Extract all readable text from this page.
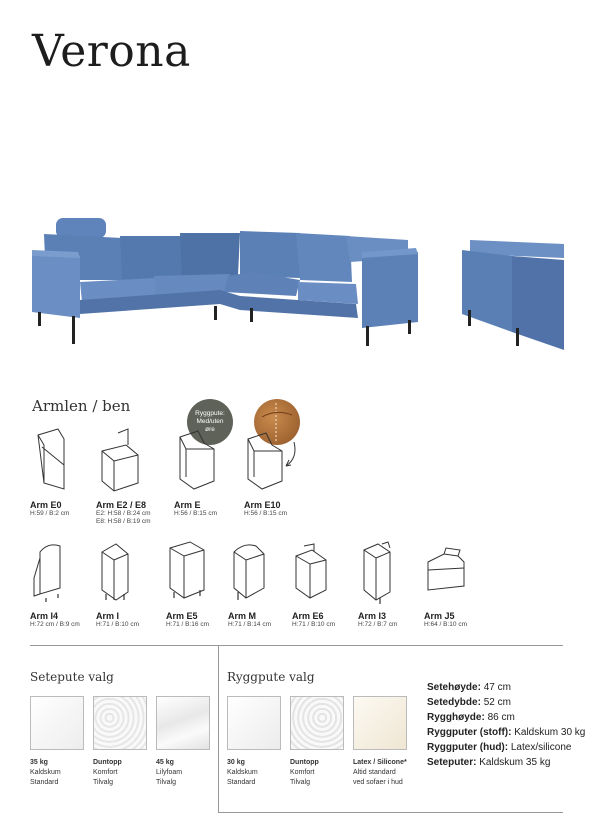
Verona
Armlen / ben	Ryggpute: Med/uten øre
Arm E0
H:59 / B:2 cm
Arm E2 / E8
E2: H:58 / B:24 cm
E8: H:58 / B:19 cm
Arm E
H:56 / B:15 cm
Arm E10
H:56 / B:15 cm
Arm I4
H:72 cm / B:9 cm
Arm I
H:71 / B:10 cm
Arm E5
H:71 / B:16 cm
Arm M
H:71 / B:14 cm
Arm E6
H:71 / B:10 cm
Arm I3
H:72 / B:7 cm
Arm J5
H:64 / B:10 cm
Setepute valg
35 kg
Kaldskum
Standard
Duntopp
Komfort
Tilvalg
45 kg
Lilyfoam
Tilvalg
Ryggpute valg
30 kg
Kaldskum
Standard
Duntopp
Komfort
Tilvalg
Latex / Silicone*
Altid standard
ved sofaer i hud
Setehøyde: 47 cm
Setedybde: 52 cm
Rygghøyde: 86 cm
Ryggputer (stoff): Kaldskum 30 kg
Ryggputer (hud): Latex/silicone
Seteputer: Kaldskum 35 kg
